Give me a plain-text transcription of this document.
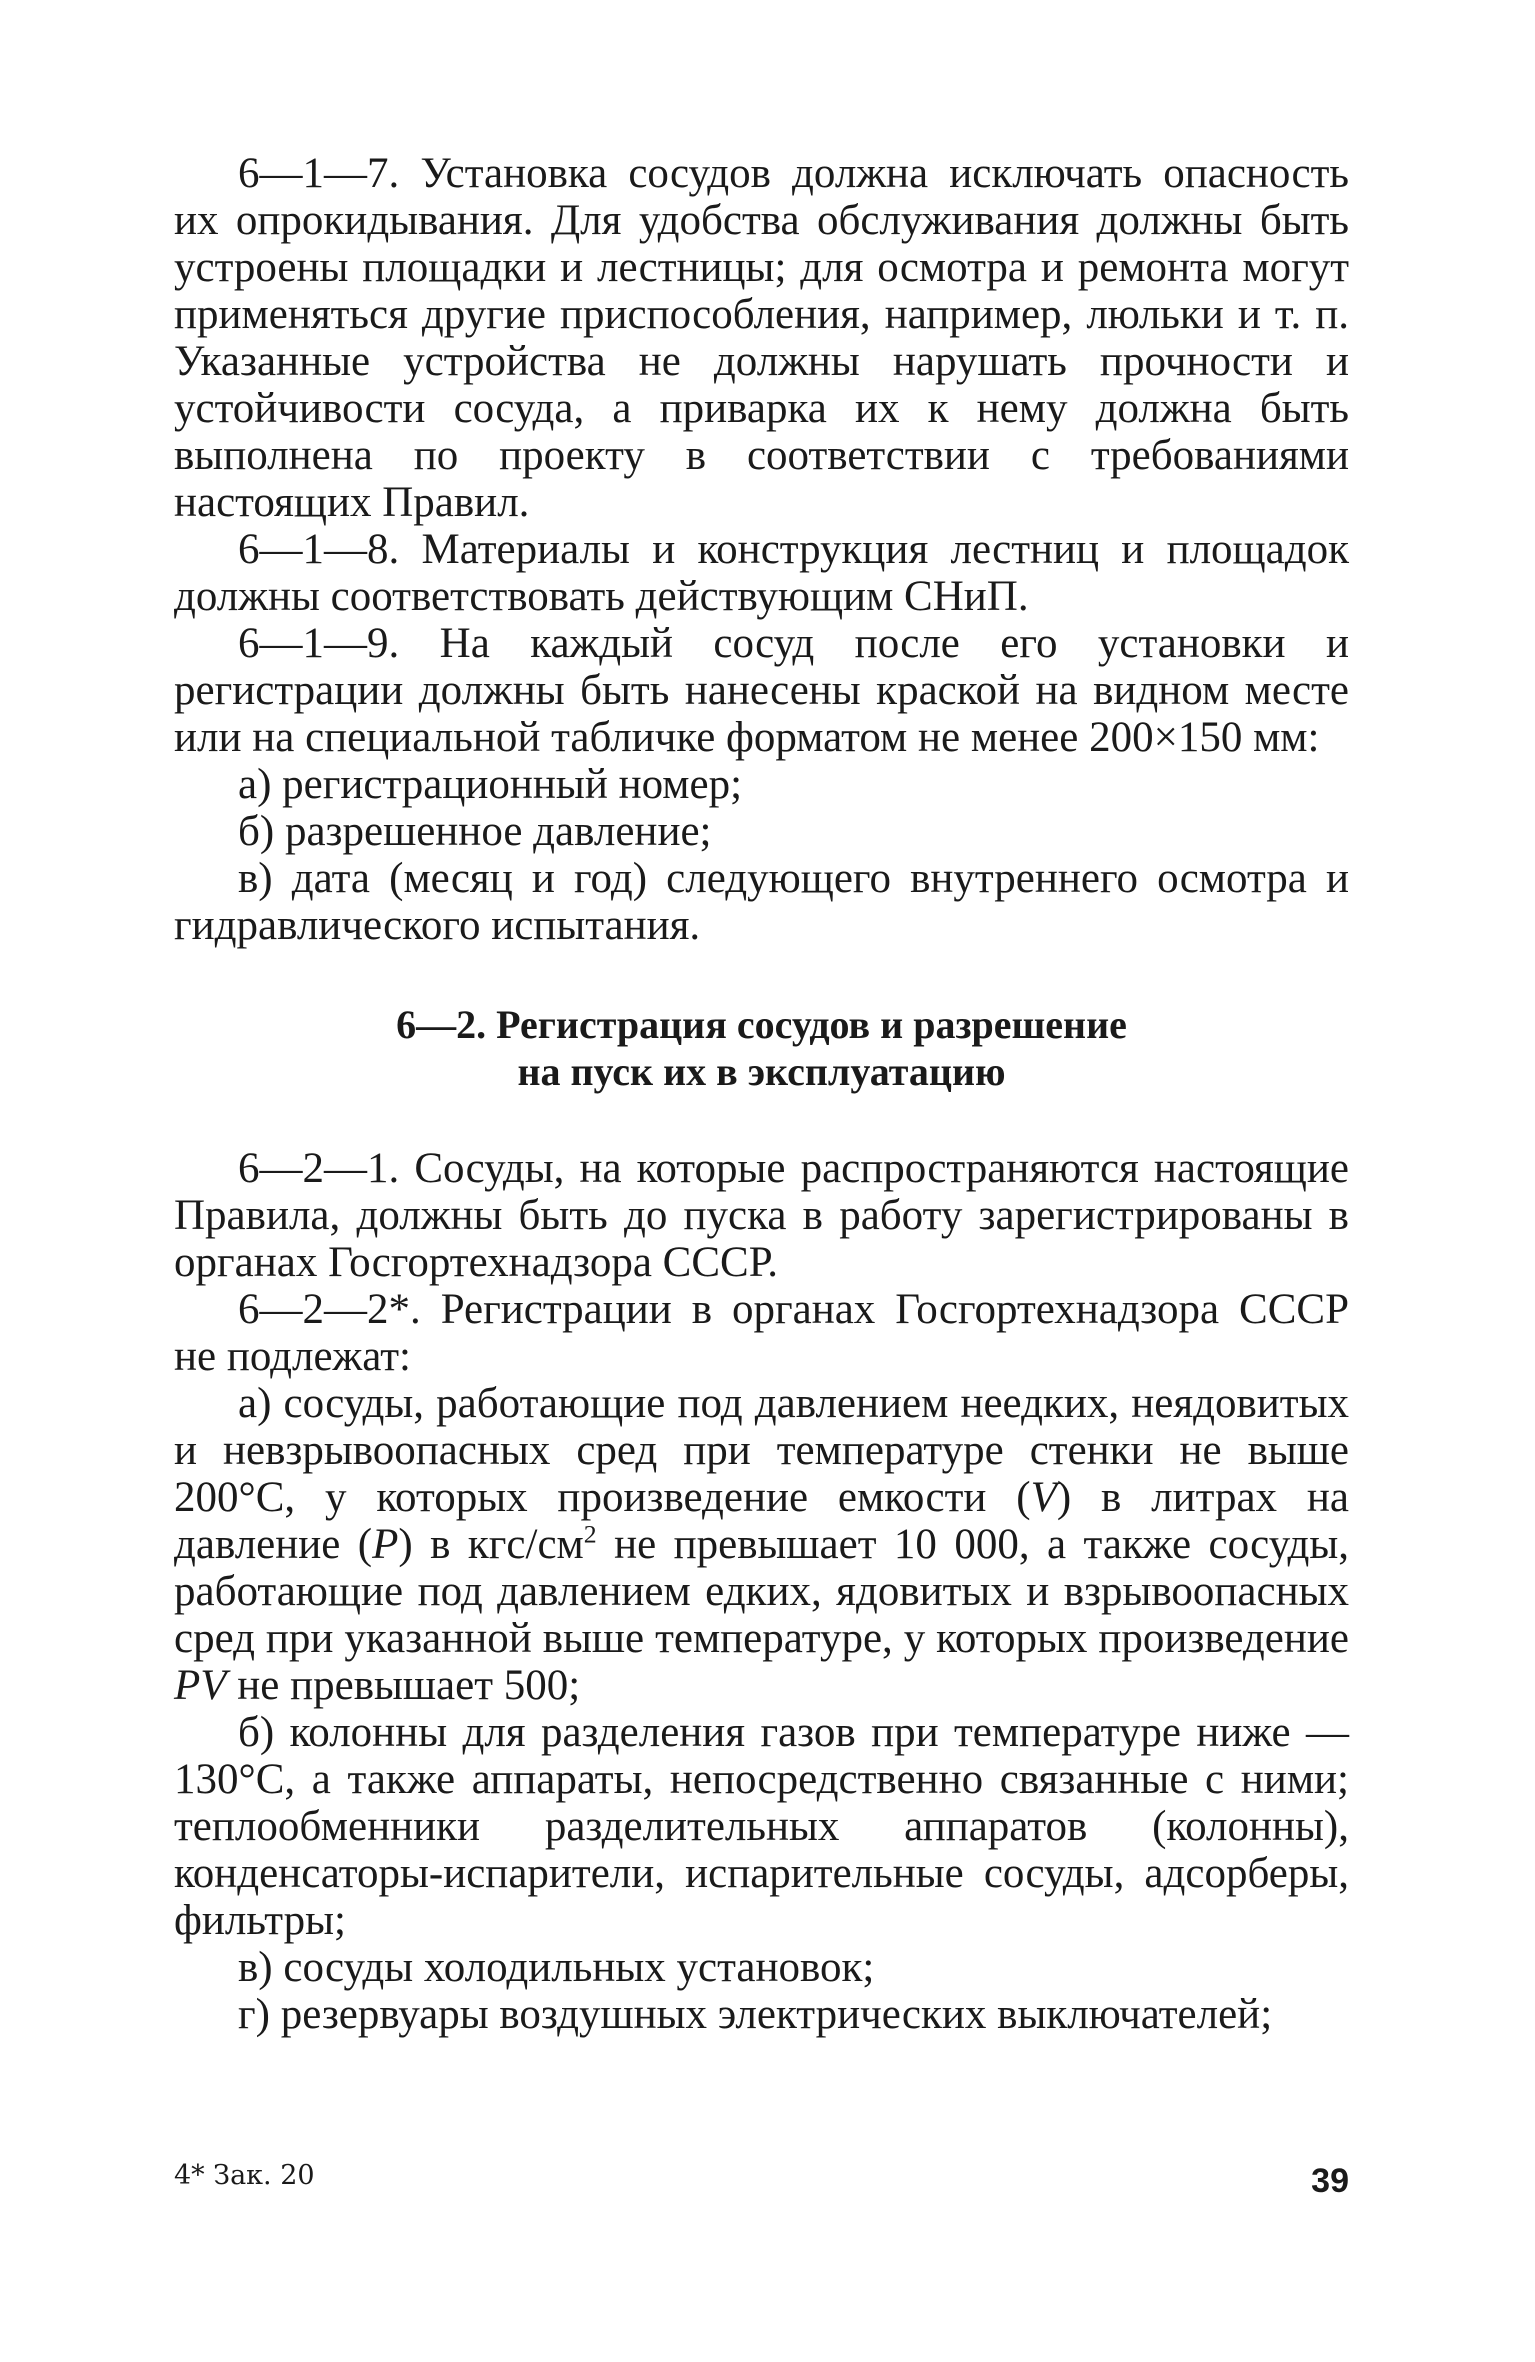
6—1—7. Установка сосудов должна исключать опасность их опрокидывания. Для удобства обслуживания должны быть устроены площадки и лестницы; для осмотра и ремонта могут применяться другие приспособления, например, люльки и т. п. Указанные устройства не должны нарушать прочности и устойчивости сосуда, а приварка их к нему должна быть выполнена по проекту в соответствии с требованиями настоящих Правил.

6—1—8. Материалы и конструкция лестниц и площадок должны соответствовать действующим СНиП.

6—1—9. На каждый сосуд после его установки и регистрации должны быть нанесены краской на видном месте или на специальной табличке форматом не менее 200×150 мм:

а) регистрационный номер;

б) разрешенное давление;

в) дата (месяц и год) следующего внутреннего осмотра и гидравлического испытания.

6—2. Регистрация сосудов и разрешение
на пуск их в эксплуатацию

6—2—1. Сосуды, на которые распространяются настоящие Правила, должны быть до пуска в работу зарегистрированы в органах Госгортехнадзора СССР.

6—2—2*. Регистрации в органах Госгортехнадзора СССР не подлежат:

а) сосуды, работающие под давлением неедких, неядовитых и невзрывоопасных сред при температуре стенки не выше 200°С, у которых произведение емкости (V) в литрах на давление (P) в кгс/$см^2$ не превышает 10 000, а также сосуды, работающие под давлением едких, ядовитых и взрывоопасных сред при указанной выше температуре, у которых произведение PV не превышает 500;

б) колонны для разделения газов при температуре ниже —130°С, а также аппараты, непосредственно связанные с ними; теплообменники разделительных аппаратов (колонны), конденсаторы-испарители, испарительные сосуды, адсорберы, фильтры;

в) сосуды холодильных установок;

г) резервуары воздушных электрических выключателей;

4* Зак. 20	39
